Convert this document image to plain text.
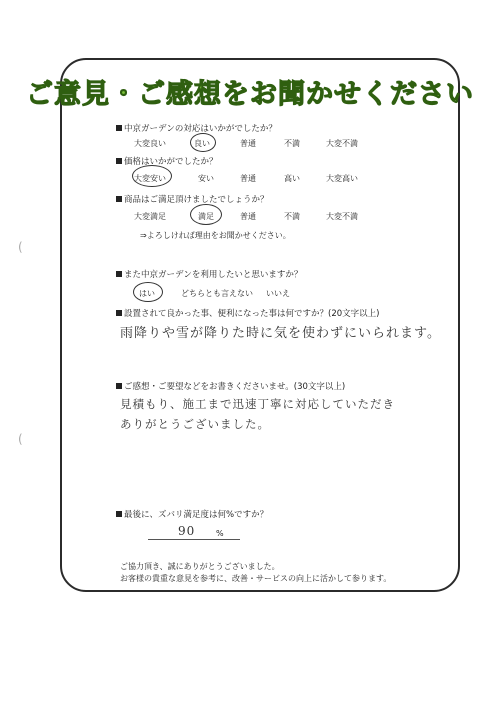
(
(
ご意見・ご感想をお聞かせください
中京ガーデンの対応はいかがでしたか？
大変良い	良い	普通	不満	大変不満
価格はいかがでしたか？
大変安い	安い	普通	高い	大変高い
商品はご満足頂けましたでしょうか？
大変満足	満足	普通	不満	大変不満
⇒よろしければ理由をお聞かせください。
また中京ガーデンを利用したいと思いますか？
はい	どちらとも言えない いいえ
設置されて良かった事、便利になった事は何ですか？(20文字以上)
雨降りや雪が降りた時に気を使わずにいられます。
ご感想・ご要望などをお書きくださいませ。(30文字以上)
見積もり、施工まで迅速丁寧に対応していただき
ありがとうございました。
最後に、ズバリ満足度は何%ですか？
90	%
ご協力頂き、誠にありがとうございました。
お客様の貴重な意見を参考に、改善・サービスの向上に活かして参ります。
